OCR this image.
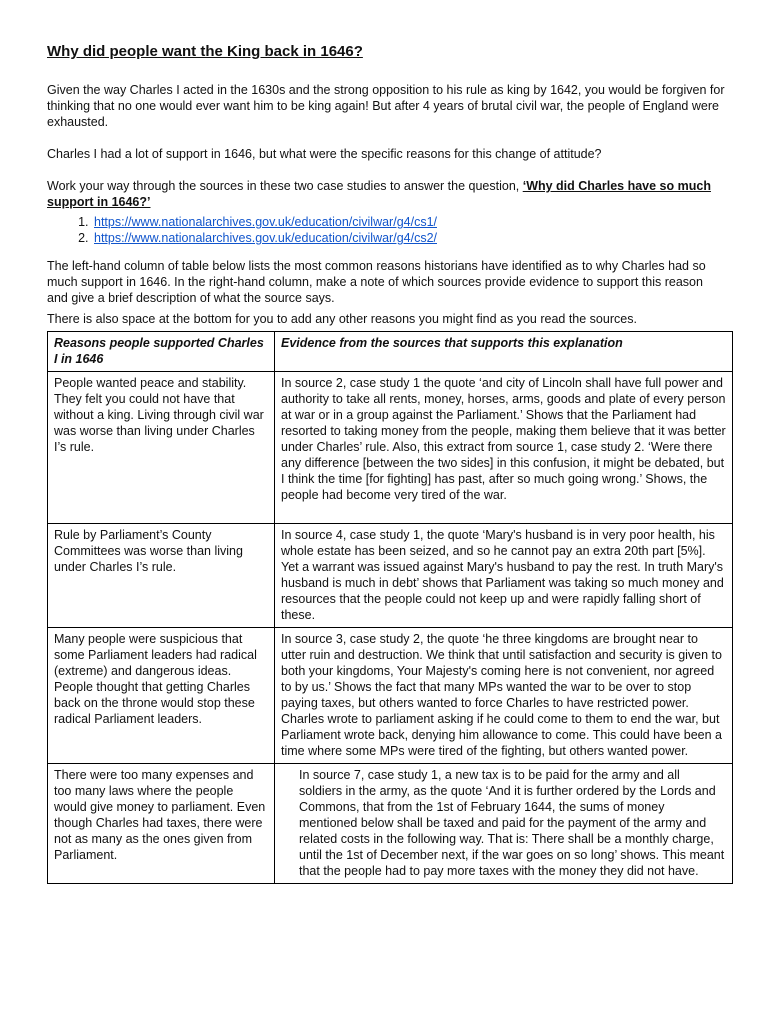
Why did people want the King back in 1646?

Given the way Charles I acted in the 1630s and the strong opposition to his rule as king by 1642, you would be forgiven for thinking that no one would ever want him to be king again! But after 4 years of brutal civil war, the people of England were exhausted.

Charles I had a lot of support in 1646, but what were the specific reasons for this change of attitude?

Work your way through the sources in these two case studies to answer the question, ‘Why did Charles have so much support in 1646?’

1. https://www.nationalarchives.gov.uk/education/civilwar/g4/cs1/
2. https://www.nationalarchives.gov.uk/education/civilwar/g4/cs2/

The left-hand column of table below lists the most common reasons historians have identified as to why Charles had so much support in 1646. In the right-hand column, make a note of which sources provide evidence to support this reason and give a brief description of what the source says.

There is also space at the bottom for you to add any other reasons you might find as you read the sources.

Reasons people supported Charles I in 1646	Evidence from the sources that supports this explanation
People wanted peace and stability. They felt you could not have that without a king. Living through civil war was worse than living under Charles I’s rule.	In source 2, case study 1 the quote ‘and city of Lincoln shall have full power and authority to take all rents, money, horses, arms, goods and plate of every person at war or in a group against the Parliament.’ Shows that the Parliament had resorted to taking money from the people, making them believe that it was better under Charles’ rule. Also, this extract from source 1, case study 2. ‘Were there any difference [between the two sides] in this confusion, it might be debated, but I think the time [for fighting] has past, after so much going wrong.’ Shows, the people had become very tired of the war.
Rule by Parliament’s County Committees was worse than living under Charles I’s rule.	In source 4, case study 1, the quote ‘Mary's husband is in very poor health, his whole estate has been seized, and so he cannot pay an extra 20th part [5%]. Yet a warrant was issued against Mary's husband to pay the rest. In truth Mary's husband is much in debt’ shows that Parliament was taking so much money and resources that the people could not keep up and were rapidly falling short of these.
Many people were suspicious that some Parliament leaders had radical (extreme) and dangerous ideas. People thought that getting Charles back on the throne would stop these radical Parliament leaders.	In source 3, case study 2, the quote ‘he three kingdoms are brought near to utter ruin and destruction. We think that until satisfaction and security is given to both your kingdoms, Your Majesty's coming here is not convenient, nor agreed to by us.’ Shows the fact that many MPs wanted the war to be over to stop paying taxes, but others wanted to force Charles to have restricted power. Charles wrote to parliament asking if he could come to them to end the war, but Parliament wrote back, denying him allowance to come. This could have been a time where some MPs were tired of the fighting, but others wanted power.
There were too many expenses and too many laws where the people would give money to parliament. Even though Charles had taxes, there were not as many as the ones given from Parliament.	In source 7, case study 1, a new tax is to be paid for the army and all soldiers in the army, as the quote ‘And it is further ordered by the Lords and Commons, that from the 1st of February 1644, the sums of money mentioned below shall be taxed and paid for the payment of the army and related costs in the following way. That is: There shall be a monthly charge, until the 1st of December next, if the war goes on so long’ shows. This meant that the people had to pay more taxes with the money they did not have.
